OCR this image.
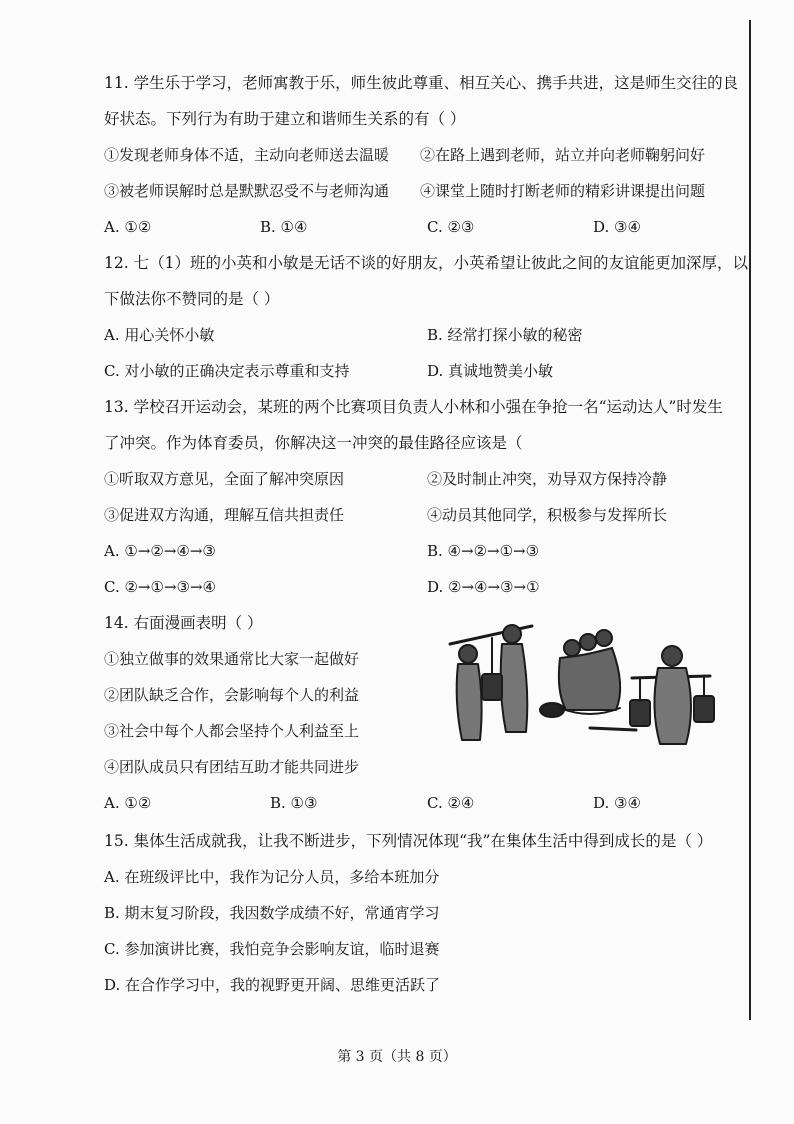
11. 学生乐于学习，老师寓教于乐，师生彼此尊重、相互关心、携手共进，这是师生交往的良
好状态。下列行为有助于建立和谐师生关系的有（ ）
①发现老师身体不适，主动向老师送去温暖 ②在路上遇到老师，站立并向老师鞠躬问好
③被老师误解时总是默默忍受不与老师沟通 ④课堂上随时打断老师的精彩讲课提出问题
A. ①②	B. ①④	C. ②③	D. ③④
12. 七（1）班的小英和小敏是无话不谈的好朋友，小英希望让彼此之间的友谊能更加深厚，以
下做法你不赞同的是（ ）
A. 用心关怀小敏	B. 经常打探小敏的秘密
C. 对小敏的正确决定表示尊重和支持	D. 真诚地赞美小敏
13. 学校召开运动会，某班的两个比赛项目负责人小林和小强在争抢一名“运动达人”时发生
了冲突。作为体育委员，你解决这一冲突的最佳路径应该是（
①听取双方意见，全面了解冲突原因	②及时制止冲突，劝导双方保持冷静
③促进双方沟通，理解互信共担责任	④动员其他同学，积极参与发挥所长
A. ①→②→④→③	B. ④→②→①→③
C. ②→①→③→④	D. ②→④→③→①
14. 右面漫画表明（ ）
①独立做事的效果通常比大家一起做好
②团队缺乏合作，会影响每个人的利益
③社会中每个人都会坚持个人利益至上
④团队成员只有团结互助才能共同进步
A. ①②	B. ①③	C. ②④	D. ③④
15. 集体生活成就我，让我不断进步，下列情况体现“我”在集体生活中得到成长的是（ ）
A. 在班级评比中，我作为记分人员，多给本班加分
B. 期末复习阶段，我因数学成绩不好，常通宵学习
C. 参加演讲比赛，我怕竞争会影响友谊，临时退赛
D. 在合作学习中，我的视野更开阔、思维更活跃了
第 3 页（共 8 页）
